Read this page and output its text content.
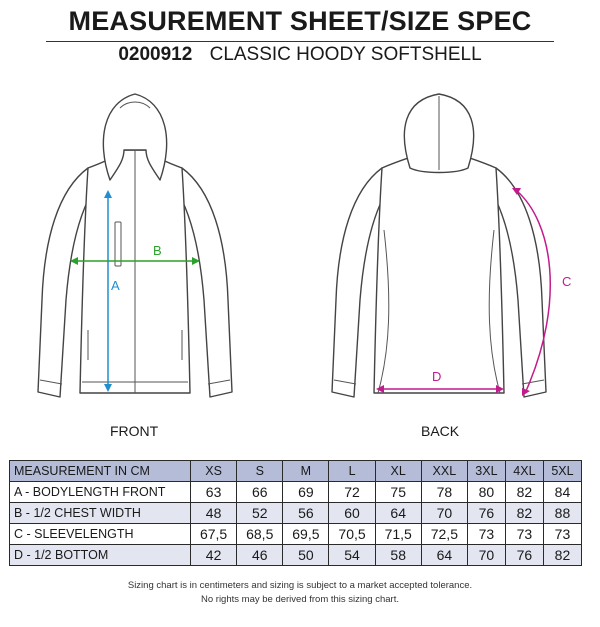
MEASUREMENT SHEET/SIZE SPEC
0200912 CLASSIC HOODY SOFTSHELL
A
B
C
D
FRONT	BACK
MEASUREMENT IN CM	XS	S	M	L	XL	XXL	3XL	4XL	5XL
A - BODYLENGTH FRONT	63	66	69	72	75	78	80	82	84
B - 1/2 CHEST WIDTH	48	52	56	60	64	70	76	82	88
C - SLEEVELENGTH	67,5	68,5	69,5	70,5	71,5	72,5	73	73	73
D - 1/2 BOTTOM	42	46	50	54	58	64	70	76	82
Sizing chart is in centimeters and sizing is subject to a market accepted tolerance.
No rights may be derived from this sizing chart.
